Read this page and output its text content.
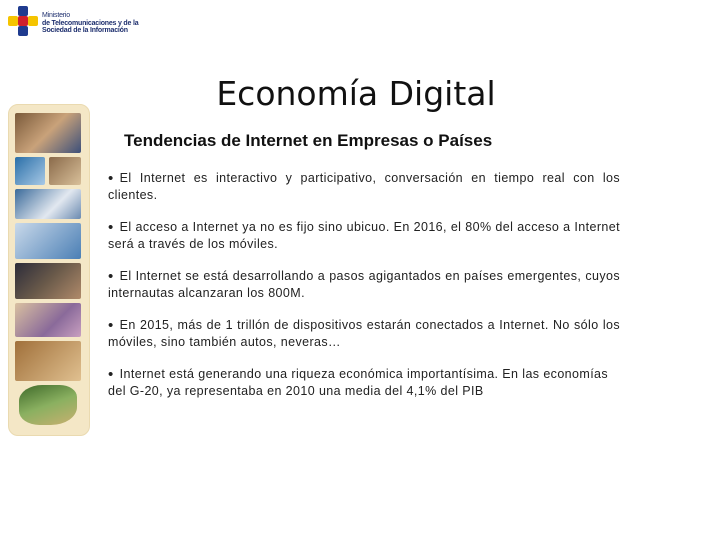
Ministerio
de Telecomunicaciones y de la
Sociedad de la Información
Economía Digital
Tendencias de Internet en Empresas o Países

• El Internet es interactivo y participativo, conversación en tiempo real con los clientes.

• El acceso a Internet ya no es fijo sino ubicuo. En 2016, el 80% del acceso a Internet será a través de los móviles.

• El Internet se está desarrollando a pasos agigantados en países emergentes, cuyos internautas alcanzaran los 800M.

• En 2015, más de 1 trillón de dispositivos estarán conectados a Internet. No sólo los móviles, sino también autos, neveras…

• Internet está generando una riqueza económica importantísima. En las economías del G-20, ya representaba en 2010 una media del 4,1% del PIB
